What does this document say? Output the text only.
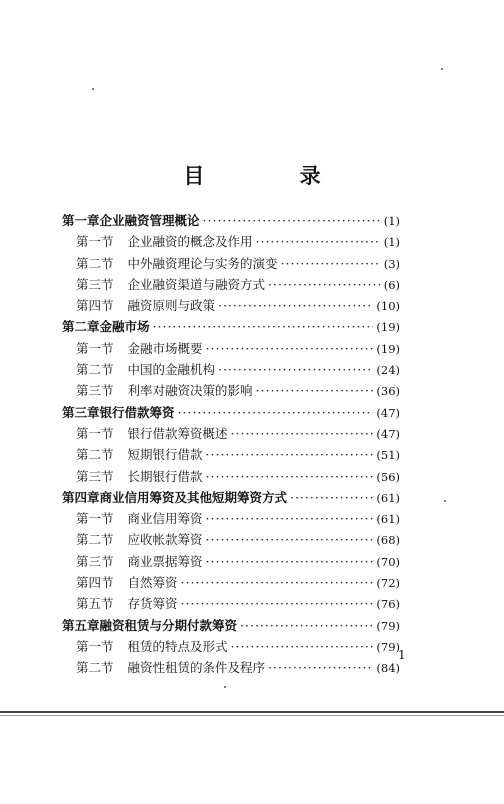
目 录
第一章 企业融资管理概论 ·····	(1)
第一节	企业融资的概念及作用 ·····	(1)
第二节	中外融资理论与实务的演变 ·····	(3)
第三节	企业融资渠道与融资方式 ·····	(6)
第四节	融资原则与政策 ·····	(10)
第二章 金融市场 ·····	(19)
第一节	金融市场概要 ·····	(19)
第二节	中国的金融机构 ·····	(24)
第三节	利率对融资决策的影响 ·····	(36)
第三章 银行借款筹资 ·····	(47)
第一节	银行借款筹资概述 ·····	(47)
第二节	短期银行借款 ·····	(51)
第三节	长期银行借款 ·····	(56)
第四章 商业信用筹资及其他短期筹资方式 ·····	(61)
第一节	商业信用筹资 ·····	(61)
第二节	应收帐款筹资 ·····	(68)
第三节	商业票据筹资 ·····	(70)
第四节	自然筹资 ·····	(72)
第五节	存货筹资 ·····	(76)
第五章 融资租赁与分期付款筹资 ·····	(79)
第一节	租赁的特点及形式 ·····	(79)
第二节	融资性租赁的条件及程序 ·····	(84)
1
